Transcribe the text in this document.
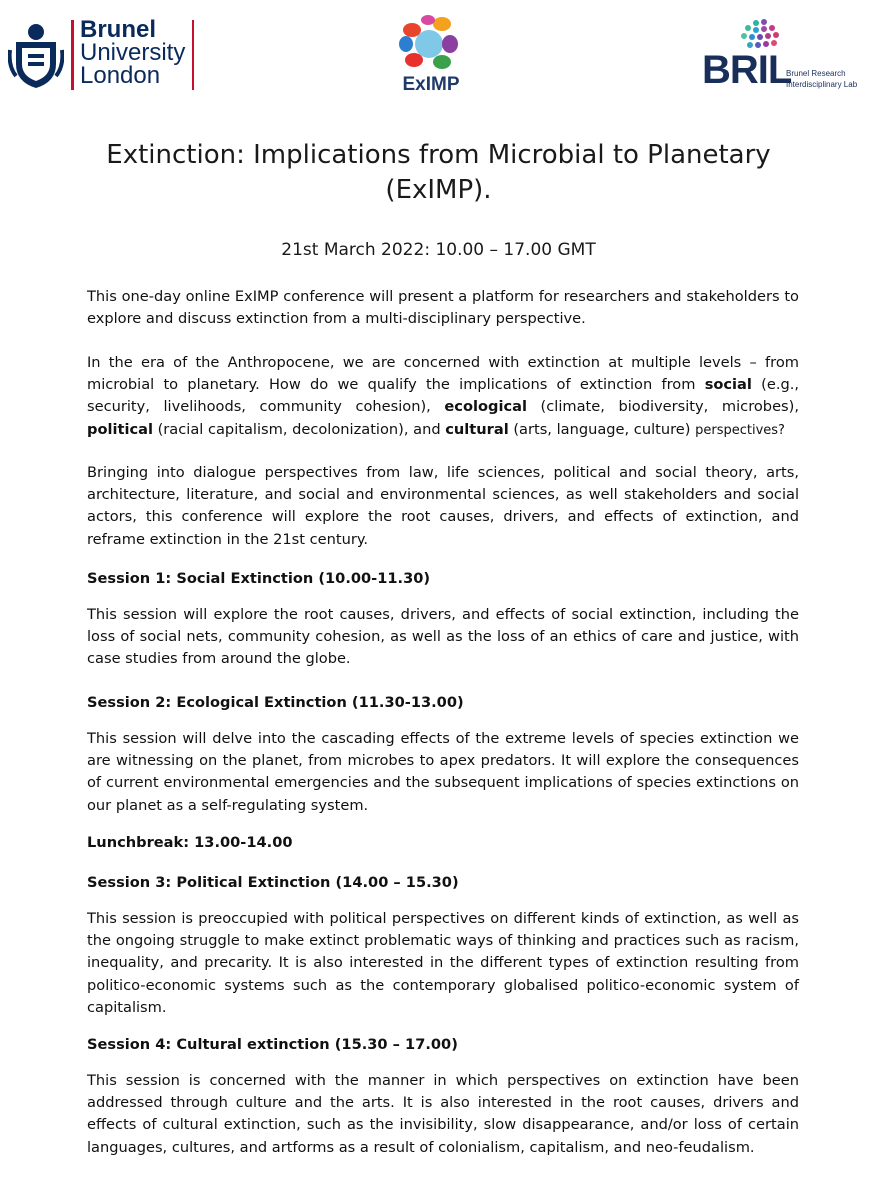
Brunel
University
London	ExIMP	BRIL
Brunel Research
Interdisciplinary Lab
Extinction: Implications from Microbial to Planetary
(ExIMP).
21st March 2022: 10.00 – 17.00 GMT
This one-day online ExIMP conference will present a platform for researchers and stakeholders to explore and discuss extinction from a multi-disciplinary perspective.
In the era of the Anthropocene, we are concerned with extinction at multiple levels – from microbial to planetary. How do we qualify the implications of extinction from social (e.g., security, livelihoods, community cohesion), ecological (climate, biodiversity, microbes), political (racial capitalism, decolonization), and cultural (arts, language, culture) perspectives?
Bringing into dialogue perspectives from law, life sciences, political and social theory, arts, architecture, literature, and social and environmental sciences, as well stakeholders and social actors, this conference will explore the root causes, drivers, and effects of extinction, and reframe extinction in the 21st century.
Session 1: Social Extinction (10.00-11.30)
This session will explore the root causes, drivers, and effects of social extinction, including the loss of social nets, community cohesion, as well as the loss of an ethics of care and justice, with case studies from around the globe.
Session 2: Ecological Extinction (11.30-13.00)
This session will delve into the cascading effects of the extreme levels of species extinction we are witnessing on the planet, from microbes to apex predators. It will explore the consequences of current environmental emergencies and the subsequent implications of species extinctions on our planet as a self-regulating system.
Lunchbreak: 13.00-14.00
Session 3: Political Extinction (14.00 – 15.30)
This session is preoccupied with political perspectives on different kinds of extinction, as well as the ongoing struggle to make extinct problematic ways of thinking and practices such as racism, inequality, and precarity. It is also interested in the different types of extinction resulting from politico-economic systems such as the contemporary globalised politico-economic system of capitalism.
Session 4: Cultural extinction (15.30 – 17.00)
This session is concerned with the manner in which perspectives on extinction have been addressed through culture and the arts. It is also interested in the root causes, drivers and effects of cultural extinction, such as the invisibility, slow disappearance, and/or loss of certain languages, cultures, and artforms as a result of colonialism, capitalism, and neo-feudalism.
